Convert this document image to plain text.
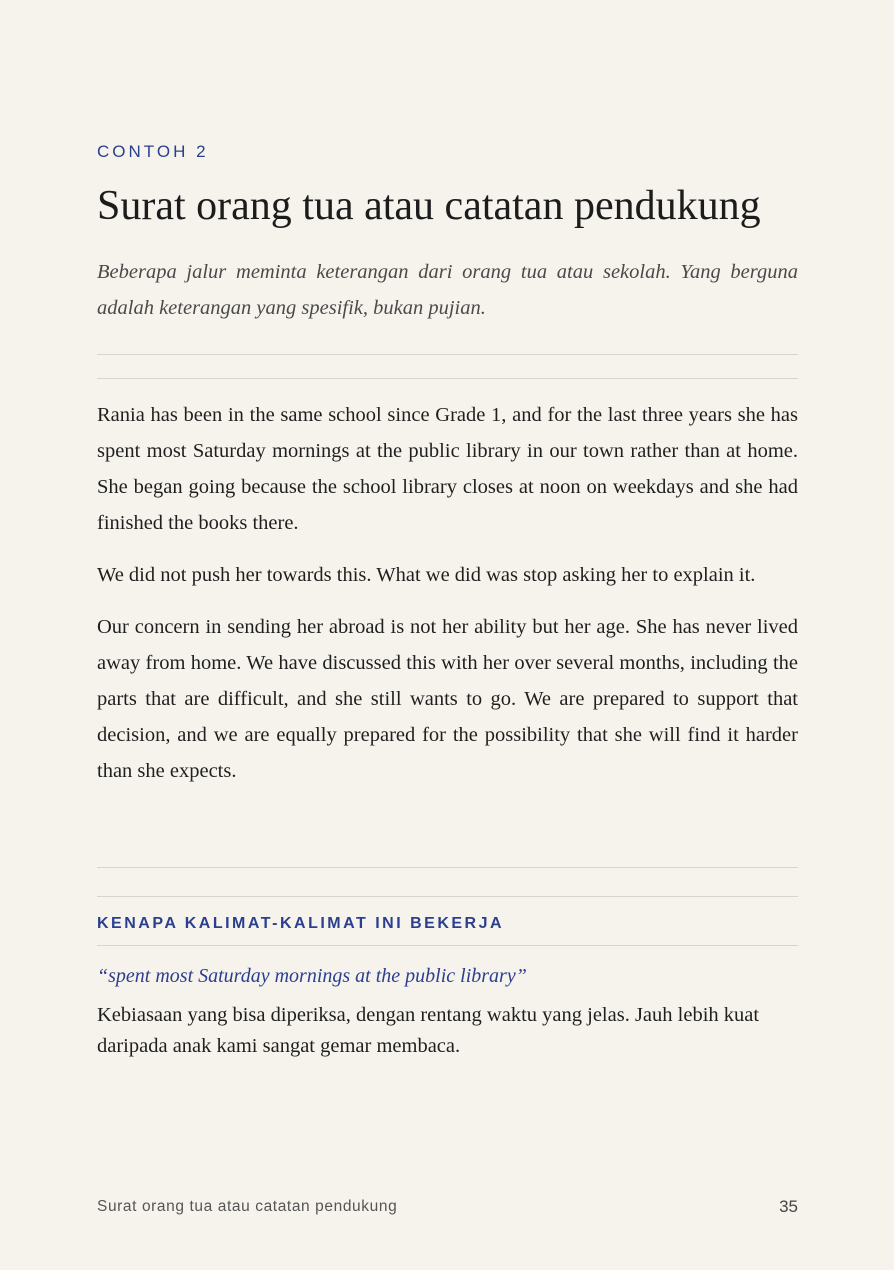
CONTOH 2
Surat orang tua atau catatan pendukung

Beberapa jalur meminta keterangan dari orang tua atau sekolah. Yang berguna adalah keterangan yang spesifik, bukan pujian.

Rania has been in the same school since Grade 1, and for the last three years she has spent most Saturday mornings at the public library in our town rather than at home. She began going because the school library closes at noon on weekdays and she had finished the books there.

We did not push her towards this. What we did was stop asking her to explain it.

Our concern in sending her abroad is not her ability but her age. She has never lived away from home. We have discussed this with her over several months, including the parts that are difficult, and she still wants to go. We are prepared to support that decision, and we are equally prepared for the possibility that she will find it harder than she expects.

KENAPA KALIMAT-KALIMAT INI BEKERJA
“spent most Saturday mornings at the public library”

Kebiasaan yang bisa diperiksa, dengan rentang waktu yang jelas. Jauh lebih kuat daripada anak kami sangat gemar membaca.

Surat orang tua atau catatan pendukung	35
